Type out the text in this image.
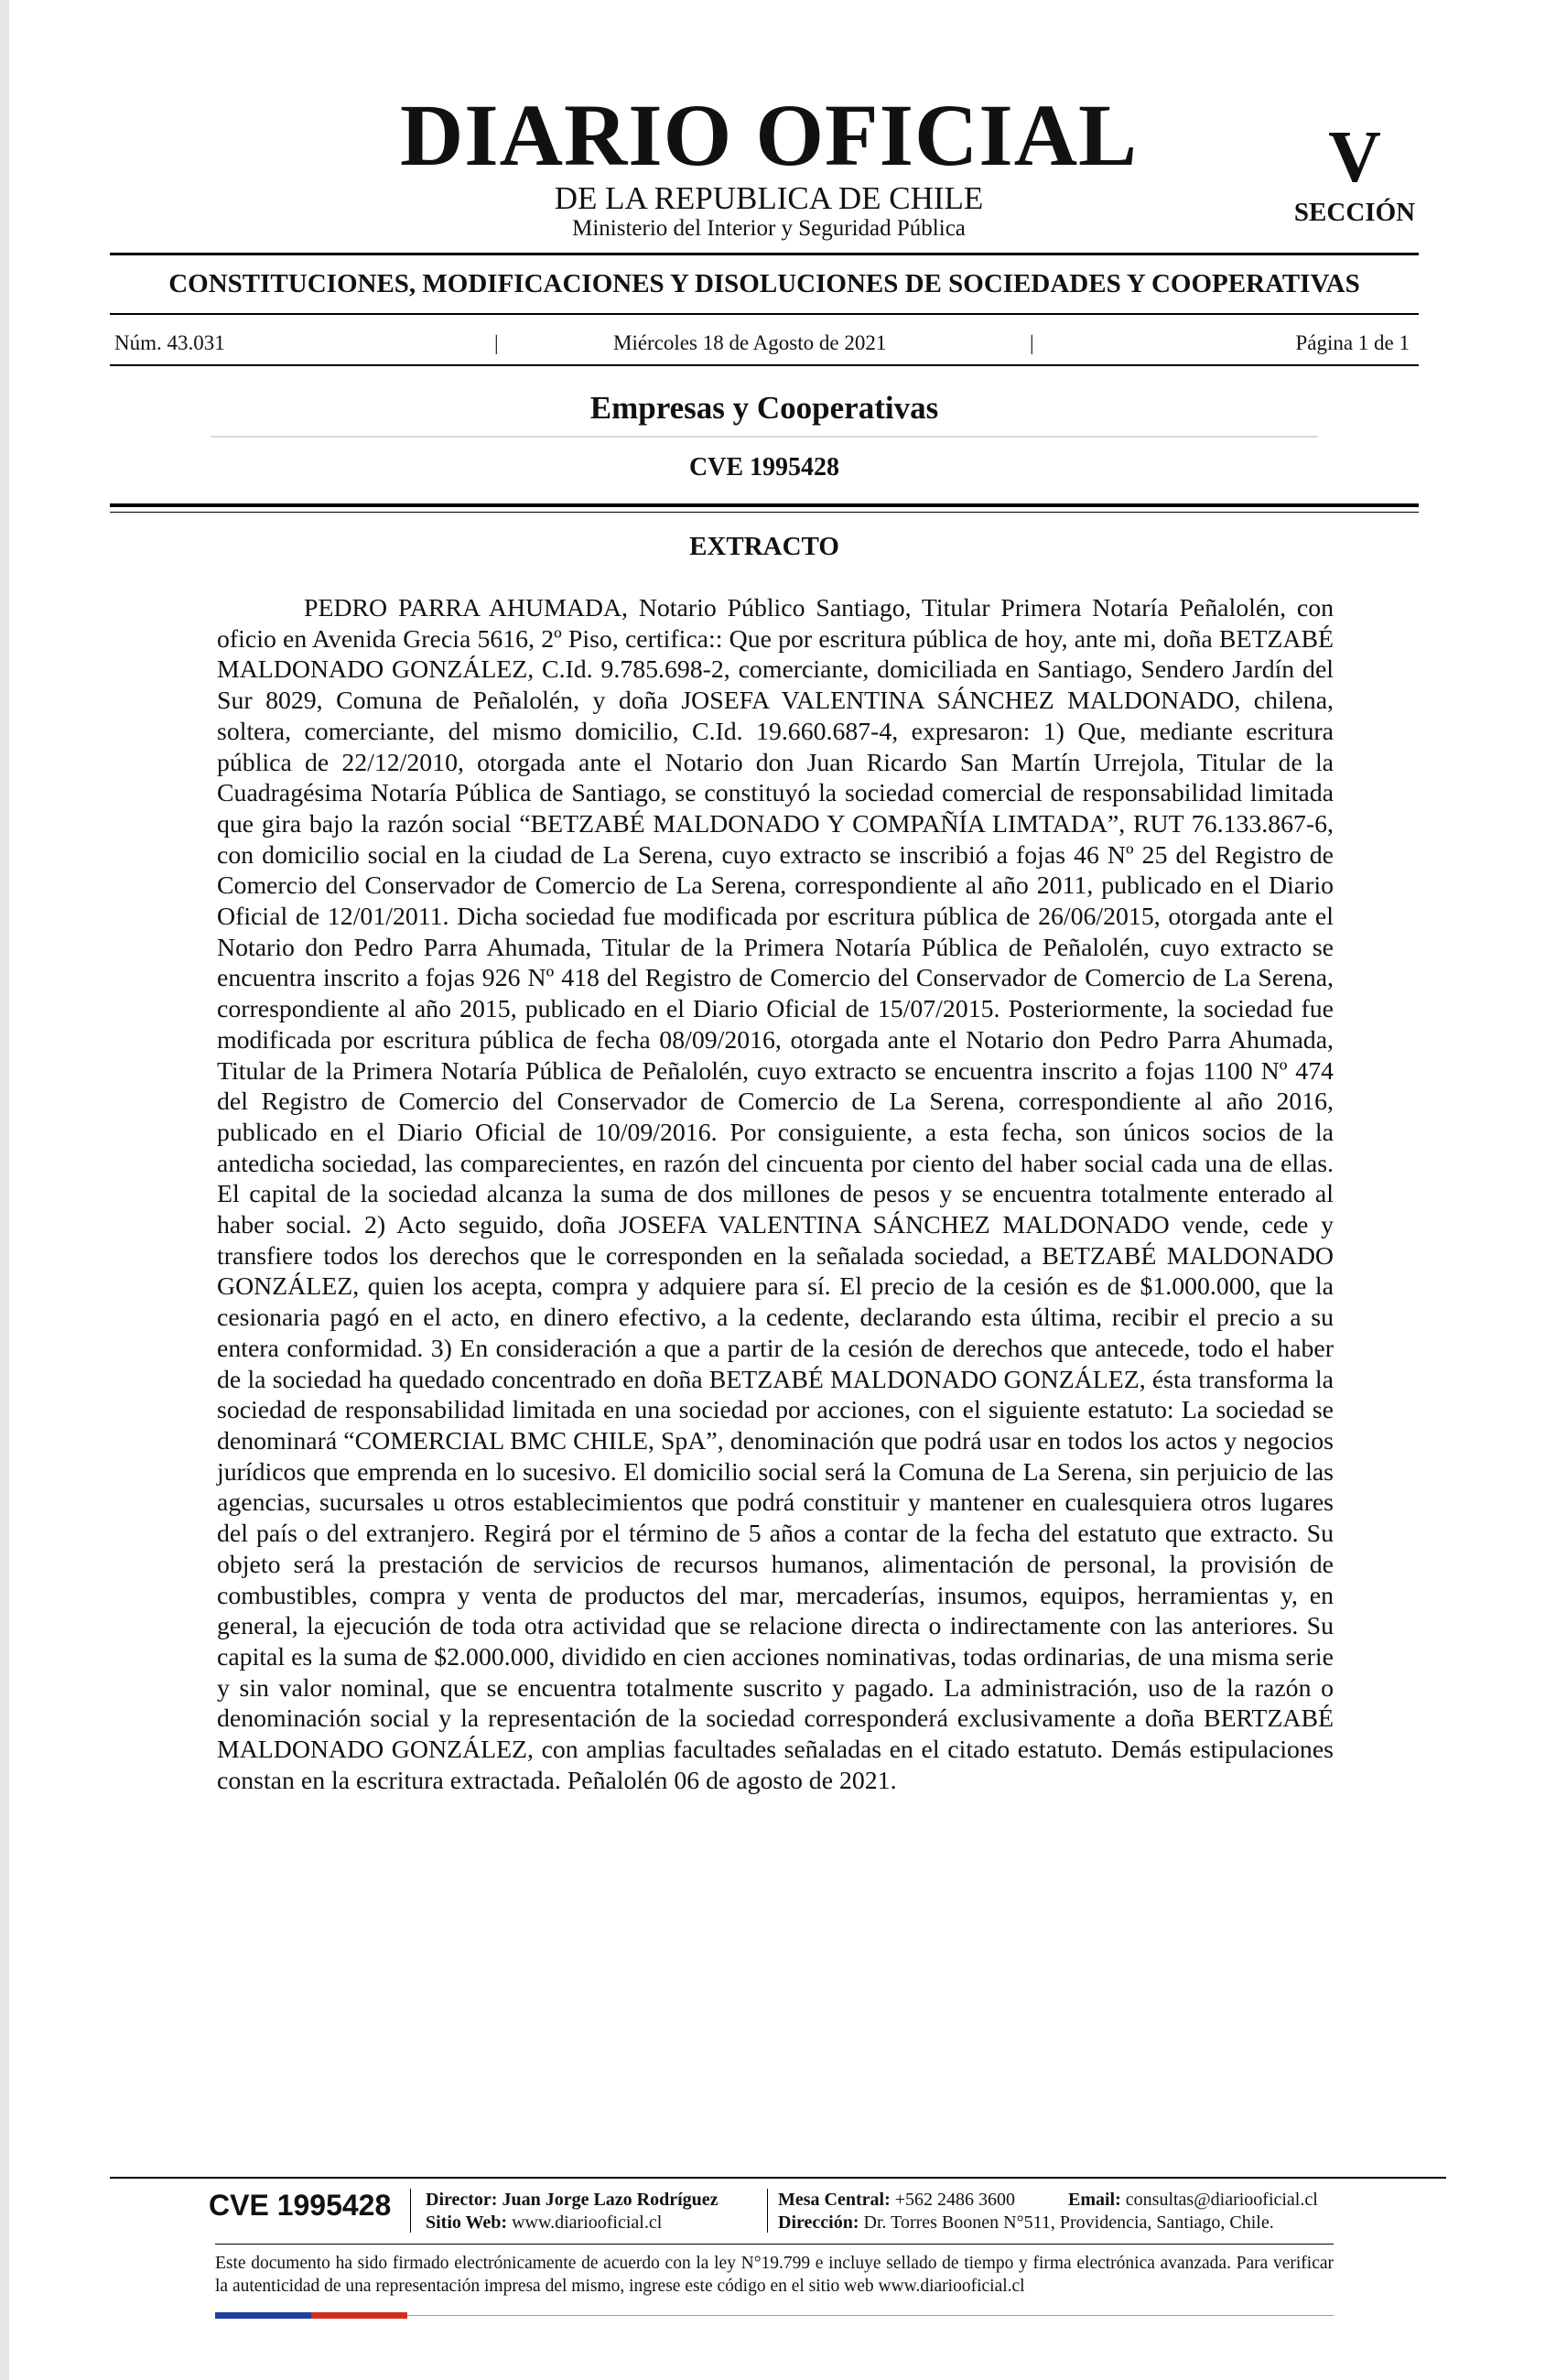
DIARIO OFICIAL
DE LA REPUBLICA DE CHILE
Ministerio del Interior y Seguridad Pública
V
SECCIÓN
CONSTITUCIONES, MODIFICACIONES Y DISOLUCIONES DE SOCIEDADES Y COOPERATIVAS
Núm. 43.031	|	Miércoles 18 de Agosto de 2021	|	Página 1 de 1
Empresas y Cooperativas
CVE 1995428
EXTRACTO

PEDRO PARRA AHUMADA, Notario Público Santiago, Titular Primera Notaría Peñalolén, con oficio en Avenida Grecia 5616, 2º Piso, certifica:: Que por escritura pública de hoy, ante mi, doña BETZABÉ MALDONADO GONZÁLEZ, C.Id. 9.785.698-2, comerciante, domiciliada en Santiago, Sendero Jardín del Sur 8029, Comuna de Peñalolén, y doña JOSEFA VALENTINA SÁNCHEZ MALDONADO, chilena, soltera, comerciante, del mismo domicilio, C.Id. 19.660.687-4, expresaron: 1) Que, mediante escritura pública de 22/12/2010, otorgada ante el Notario don Juan Ricardo San Martín Urrejola, Titular de la Cuadragésima Notaría Pública de Santiago, se constituyó la sociedad comercial de responsabilidad limitada que gira bajo la razón social “BETZABÉ MALDONADO Y COMPAÑÍA LIMTADA”, RUT 76.133.867-6, con domicilio social en la ciudad de La Serena, cuyo extracto se inscribió a fojas 46 Nº 25 del Registro de Comercio del Conservador de Comercio de La Serena, correspondiente al año 2011, publicado en el Diario Oficial de 12/01/2011. Dicha sociedad fue modificada por escritura pública de 26/06/2015, otorgada ante el Notario don Pedro Parra Ahumada, Titular de la Primera Notaría Pública de Peñalolén, cuyo extracto se encuentra inscrito a fojas 926 Nº 418 del Registro de Comercio del Conservador de Comercio de La Serena, correspondiente al año 2015, publicado en el Diario Oficial de 15/07/2015. Posteriormente, la sociedad fue modificada por escritura pública de fecha 08/09/2016, otorgada ante el Notario don Pedro Parra Ahumada, Titular de la Primera Notaría Pública de Peñalolén, cuyo extracto se encuentra inscrito a fojas 1100 Nº 474 del Registro de Comercio del Conservador de Comercio de La Serena, correspondiente al año 2016, publicado en el Diario Oficial de 10/09/2016. Por consiguiente, a esta fecha, son únicos socios de la antedicha sociedad, las comparecientes, en razón del cincuenta por ciento del haber social cada una de ellas. El capital de la sociedad alcanza la suma de dos millones de pesos y se encuentra totalmente enterado al haber social. 2) Acto seguido, doña JOSEFA VALENTINA SÁNCHEZ MALDONADO vende, cede y transfiere todos los derechos que le corresponden en la señalada sociedad, a BETZABÉ MALDONADO GONZÁLEZ, quien los acepta, compra y adquiere para sí. El precio de la cesión es de $1.000.000, que la cesionaria pagó en el acto, en dinero efectivo, a la cedente, declarando esta última, recibir el precio a su entera conformidad. 3) En consideración a que a partir de la cesión de derechos que antecede, todo el haber de la sociedad ha quedado concentrado en doña BETZABÉ MALDONADO GONZÁLEZ, ésta transforma la sociedad de responsabilidad limitada en una sociedad por acciones, con el siguiente estatuto: La sociedad se denominará “COMERCIAL BMC CHILE, SpA”, denominación que podrá usar en todos los actos y negocios jurídicos que emprenda en lo sucesivo. El domicilio social será la Comuna de La Serena, sin perjuicio de las agencias, sucursales u otros establecimientos que podrá constituir y mantener en cualesquiera otros lugares del país o del extranjero. Regirá por el término de 5 años a contar de la fecha del estatuto que extracto. Su objeto será la prestación de servicios de recursos humanos, alimentación de personal, la provisión de combustibles, compra y venta de productos del mar, mercaderías, insumos, equipos, herramientas y, en general, la ejecución de toda otra actividad que se relacione directa o indirectamente con las anteriores. Su capital es la suma de $2.000.000, dividido en cien acciones nominativas, todas ordinarias, de una misma serie y sin valor nominal, que se encuentra totalmente suscrito y pagado. La administración, uso de la razón o denominación social y la representación de la sociedad corresponderá exclusivamente a doña BERTZABÉ MALDONADO GONZÁLEZ, con amplias facultades señaladas en el citado estatuto. Demás estipulaciones constan en la escritura extractada. Peñalolén 06 de agosto de 2021.

CVE 1995428	Director: Juan Jorge Lazo Rodríguez
Sitio Web: www.diariooficial.cl
Mesa Central: +562 2486 3600
Dirección: Dr. Torres Boonen N°511, Providencia, Santiago, Chile.
Email: consultas@diariooficial.cl

Este documento ha sido firmado electrónicamente de acuerdo con la ley N°19.799 e incluye sellado de tiempo y firma electrónica avanzada. Para verificar la autenticidad de una representación impresa del mismo, ingrese este código en el sitio web www.diariooficial.cl
